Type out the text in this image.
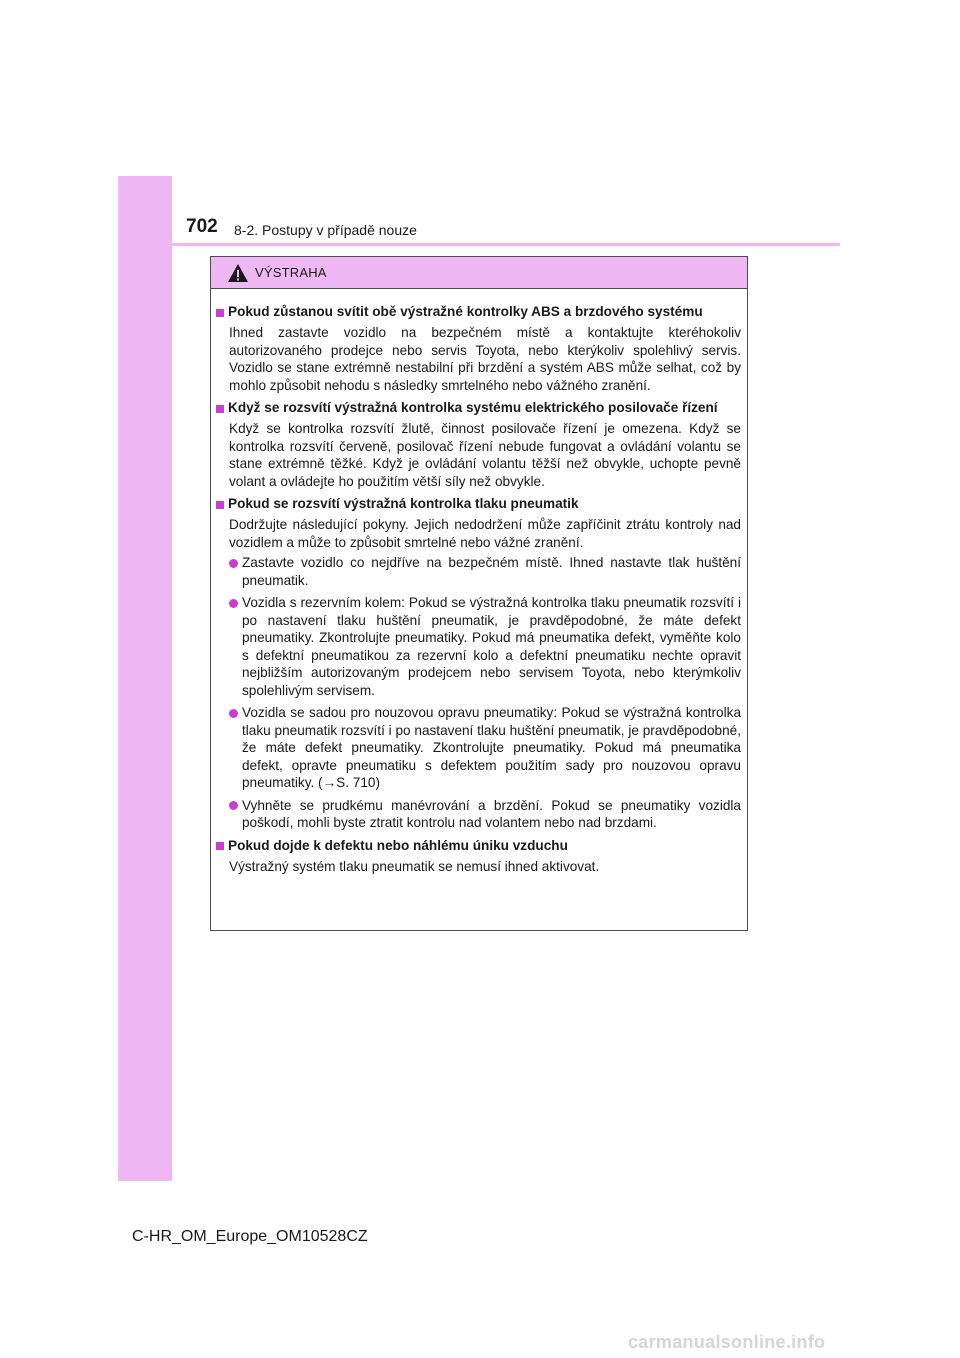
702 8-2. Postupy v případě nouze
VÝSTRAHA
Pokud zůstanou svítit obě výstražné kontrolky ABS a brzdového systému
Ihned zastavte vozidlo na bezpečném místě a kontaktujte kteréhokoliv autorizovaného prodejce nebo servis Toyota, nebo kterýkoliv spolehlivý servis. Vozidlo se stane extrémně nestabilní při brzdění a systém ABS může selhat, což by mohlo způsobit nehodu s následky smrtelného nebo vážného zranění.
Když se rozsvítí výstražná kontrolka systému elektrického posilovače řízení
Když se kontrolka rozsvítí žlutě, činnost posilovače řízení je omezena. Když se kontrolka rozsvítí červeně, posilovač řízení nebude fungovat a ovládání volantu se stane extrémně těžké. Když je ovládání volantu těžší než obvykle, uchopte pevně volant a ovládejte ho použitím větší síly než obvykle.
Pokud se rozsvítí výstražná kontrolka tlaku pneumatik
Dodržujte následující pokyny. Jejich nedodržení může zapříčinit ztrátu kontroly nad vozidlem a může to způsobit smrtelné nebo vážné zranění.
Zastavte vozidlo co nejdříve na bezpečném místě. Ihned nastavte tlak huštění pneumatik.
Vozidla s rezervním kolem: Pokud se výstražná kontrolka tlaku pneumatik rozsvítí i po nastavení tlaku huštění pneumatik, je pravděpodobné, že máte defekt pneumatiky. Zkontrolujte pneumatiky. Pokud má pneumatika defekt, vyměňte kolo s defektní pneumatikou za rezervní kolo a defektní pneumatiku nechte opravit nejbližším autorizovaným prodejcem nebo servisem Toyota, nebo kterýmkoliv spolehlivým servisem.
Vozidla se sadou pro nouzovou opravu pneumatiky: Pokud se výstražná kontrolka tlaku pneumatik rozsvítí i po nastavení tlaku huštění pneumatik, je pravděpodobné, že máte defekt pneumatiky. Zkontrolujte pneumatiky. Pokud má pneumatika defekt, opravte pneumatiku s defektem použitím sady pro nouzovou opravu pneumatiky. (→S. 710)
Vyhněte se prudkému manévrování a brzdění. Pokud se pneumatiky vozidla poškodí, mohli byste ztratit kontrolu nad volantem nebo nad brzdami.
Pokud dojde k defektu nebo náhlému úniku vzduchu
Výstražný systém tlaku pneumatik se nemusí ihned aktivovat.
C-HR_OM_Europe_OM10528CZ
carmanualsonline.info
